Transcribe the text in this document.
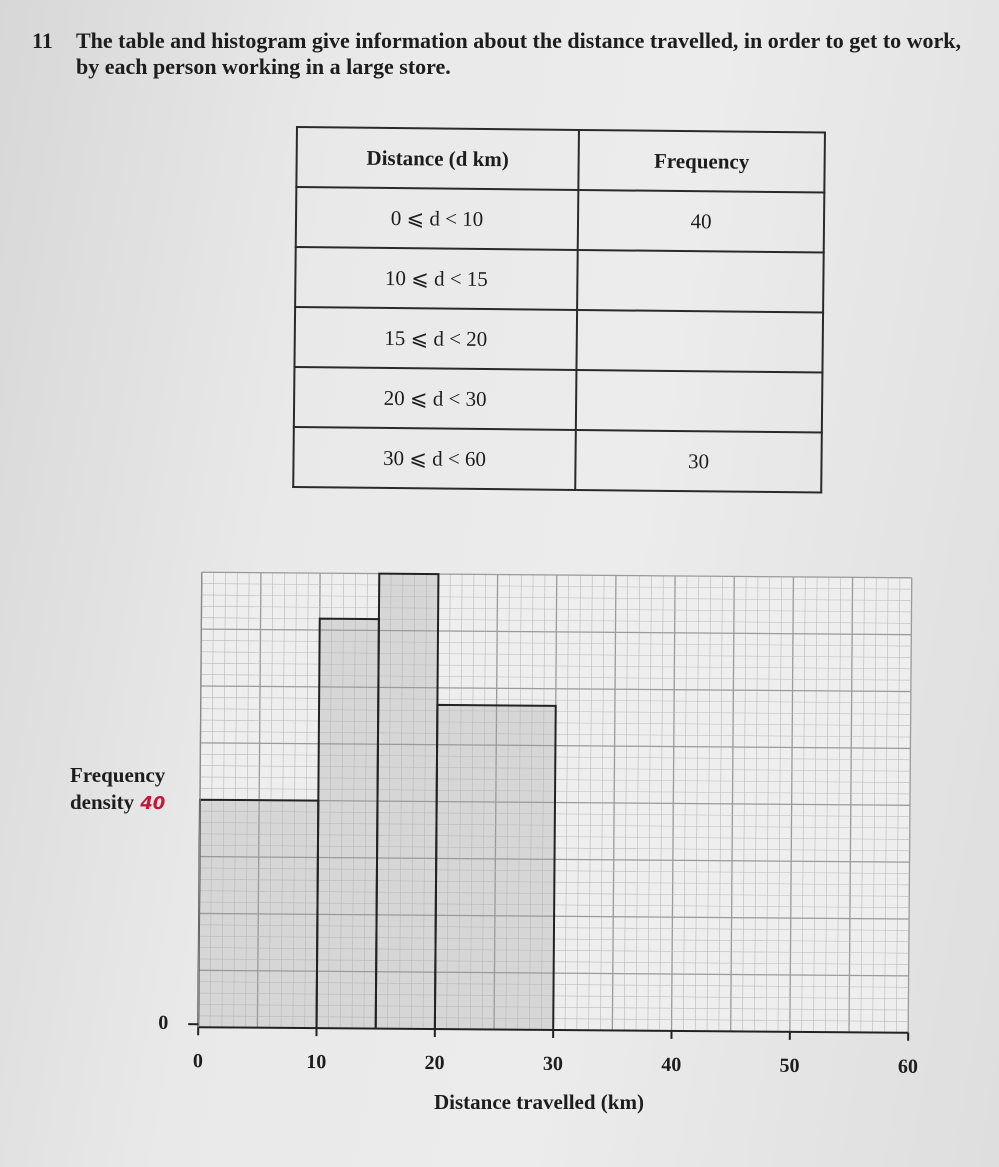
11 The table and histogram give information about the distance travelled, in order to get to work, by each person working in a large store.
Distance (d km)	Frequency
0 ⩽ d < 10	40
10 ⩽ d < 15	
15 ⩽ d < 20	
20 ⩽ d < 30	
30 ⩽ d < 60	30
0	10	20	30	40	50	60
0
Frequency
density 40
Distance travelled (km)
